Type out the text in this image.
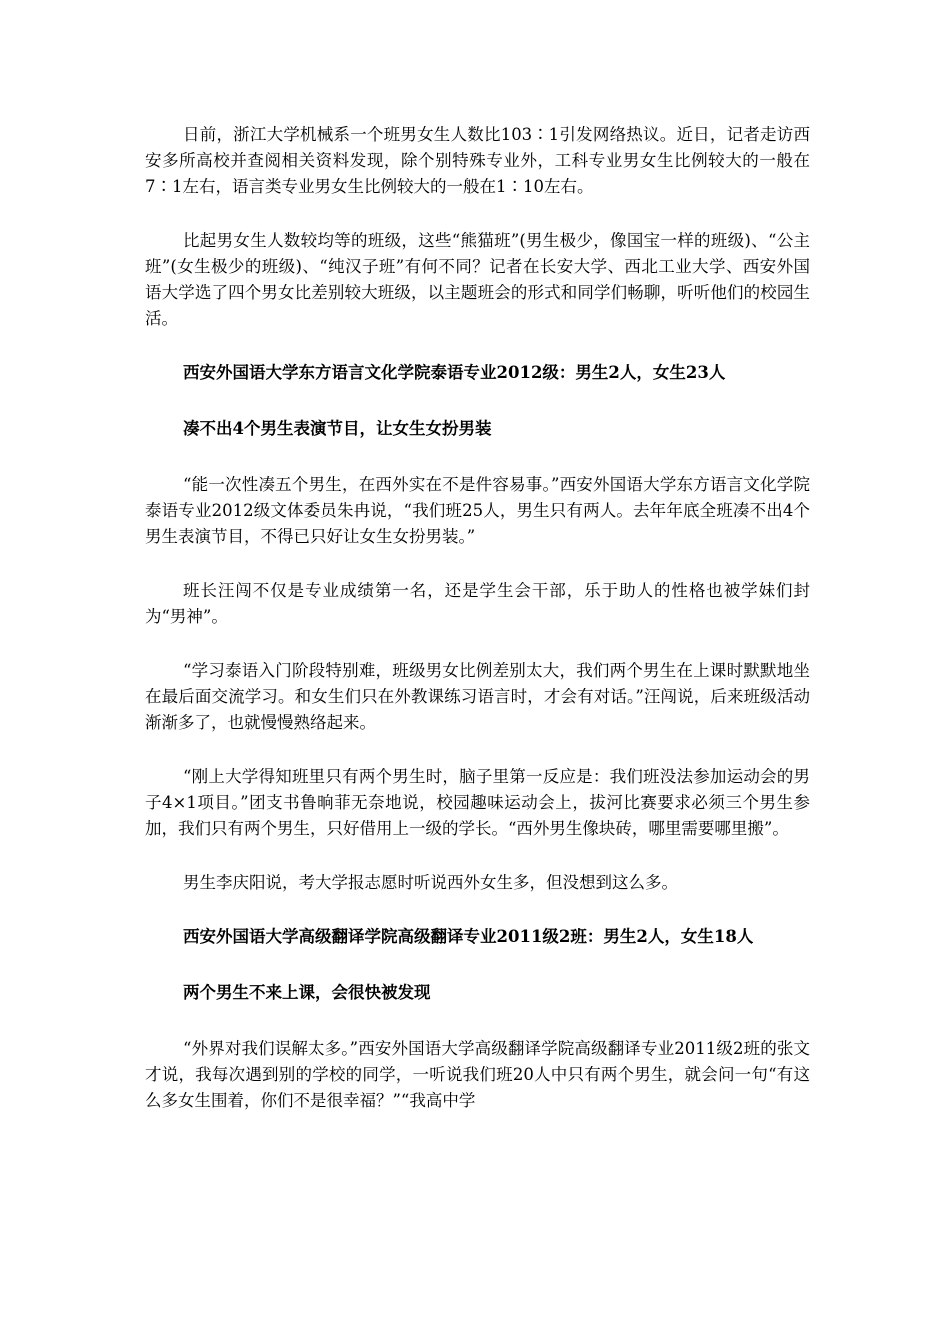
日前，浙江大学机械系一个班男女生人数比103∶1引发网络热议。近日，记者走访西安多所高校并查阅相关资料发现，除个别特殊专业外，工科专业男女生比例较大的一般在7∶1左右，语言类专业男女生比例较大的一般在1∶10左右。

比起男女生人数较均等的班级，这些“熊猫班”(男生极少，像国宝一样的班级)、“公主班”(女生极少的班级)、“纯汉子班”有何不同？记者在长安大学、西北工业大学、西安外国语大学选了四个男女比差别较大班级，以主题班会的形式和同学们畅聊，听听他们的校园生活。

西安外国语大学东方语言文化学院泰语专业2012级：男生2人，女生23人

凑不出4个男生表演节目，让女生女扮男装

“能一次性凑五个男生，在西外实在不是件容易事。”西安外国语大学东方语言文化学院泰语专业2012级文体委员朱冉说，“我们班25人，男生只有两人。去年年底全班凑不出4个男生表演节目，不得已只好让女生女扮男装。”

班长汪闯不仅是专业成绩第一名，还是学生会干部，乐于助人的性格也被学妹们封为“男神”。

“学习泰语入门阶段特别难，班级男女比例差别太大，我们两个男生在上课时默默地坐在最后面交流学习。和女生们只在外教课练习语言时，才会有对话。”汪闯说，后来班级活动渐渐多了，也就慢慢熟络起来。

“刚上大学得知班里只有两个男生时，脑子里第一反应是：我们班没法参加运动会的男子4×1项目。”团支书鲁晌菲无奈地说，校园趣味运动会上，拔河比赛要求必须三个男生参加，我们只有两个男生，只好借用上一级的学长。“西外男生像块砖，哪里需要哪里搬”。

男生李庆阳说，考大学报志愿时听说西外女生多，但没想到这么多。

西安外国语大学高级翻译学院高级翻译专业2011级2班：男生2人，女生18人

两个男生不来上课，会很快被发现

“外界对我们误解太多。”西安外国语大学高级翻译学院高级翻译专业2011级2班的张文才说，我每次遇到别的学校的同学，一听说我们班20人中只有两个男生，就会问一句“有这么多女生围着，你们不是很幸福？”“我高中学
